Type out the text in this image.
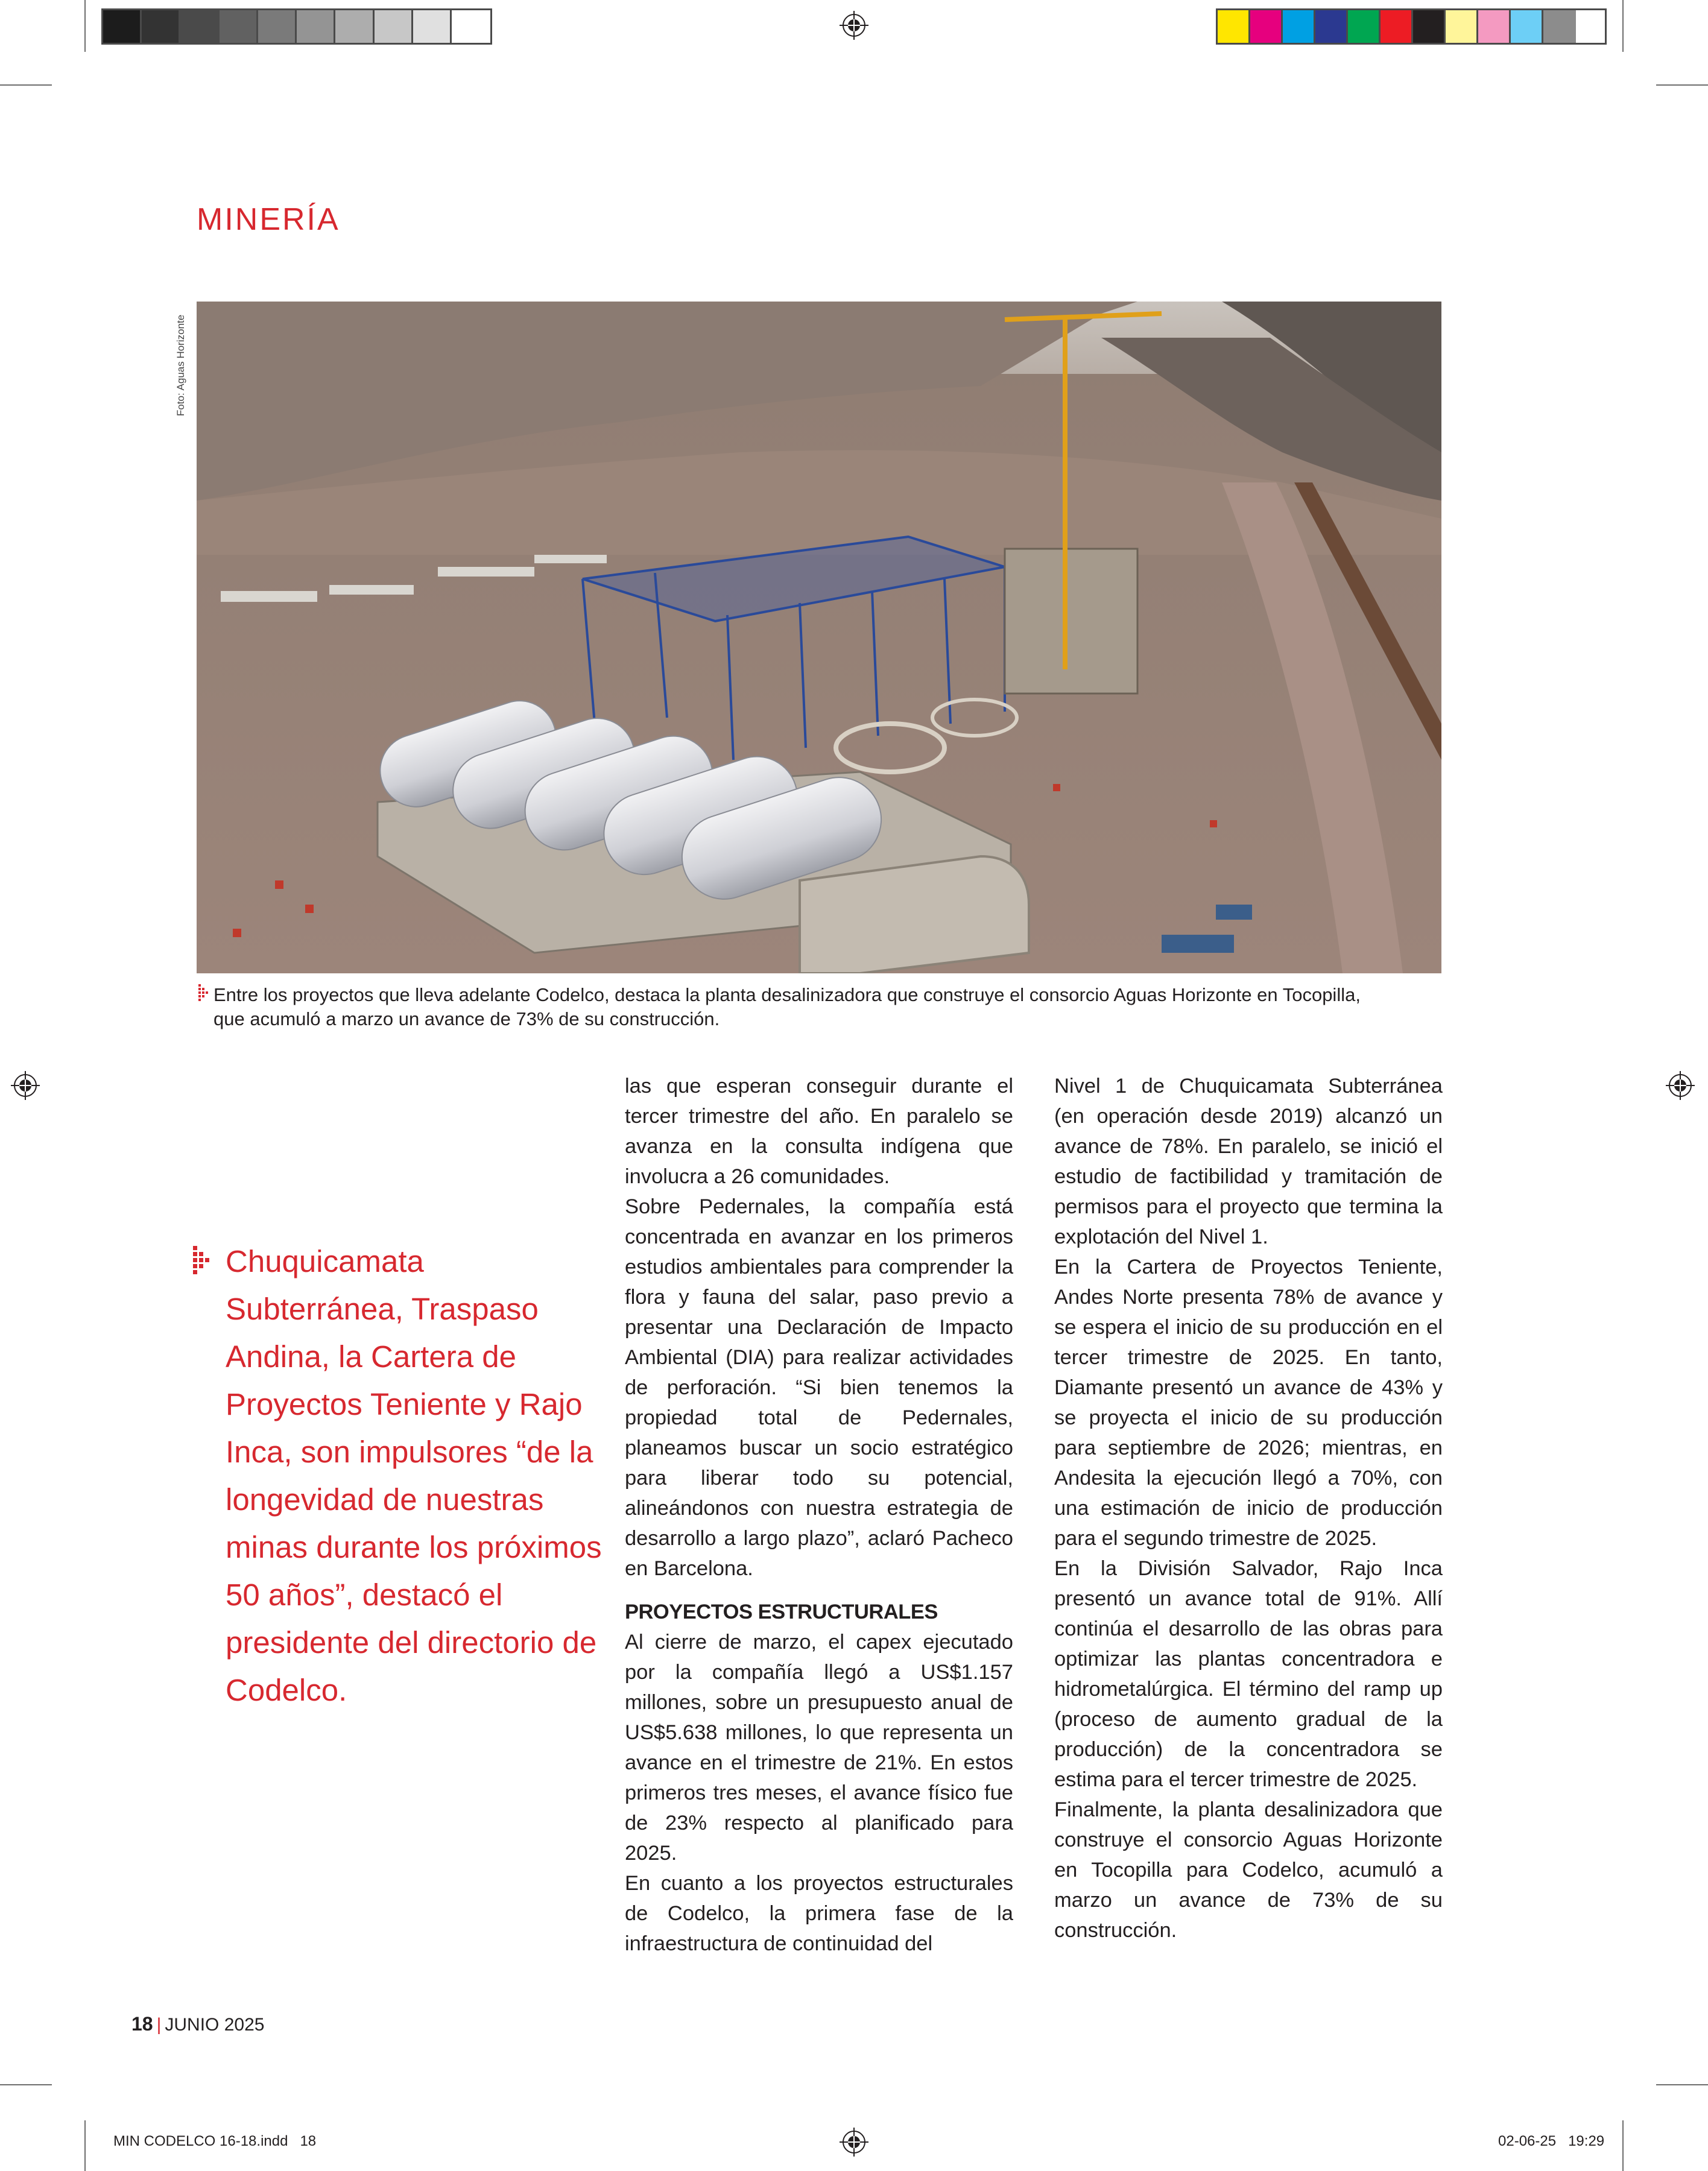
MINERÍA
Foto: Aguas Horizonte

Entre los proyectos que lleva adelante Codelco, destaca la planta desalinizadora que construye el consorcio Aguas Horizonte en Tocopilla,

que acumuló a marzo un avance de 73% de su construcción.

Chuquicamata Subterránea, Traspaso Andina, la Cartera de Proyectos Teniente y Rajo Inca, son impulsores “de la longevidad de nuestras minas durante los próximos 50 años”, destacó el presidente del directorio de Codelco.

las que esperan conseguir durante el tercer trimestre del año. En paralelo se avanza en la consulta indígena que involucra a 26 comunidades.

Sobre Pedernales, la compañía está concentrada en avanzar en los primeros estudios ambientales para comprender la flora y fauna del salar, paso previo a presentar una Declaración de Impacto Ambiental (DIA) para realizar actividades de perforación. “Si bien tenemos la propiedad total de Pedernales, planeamos buscar un socio estratégico para liberar todo su potencial, alineándonos con nuestra estrategia de desarrollo a largo plazo”, aclaró Pacheco en Barcelona.

PROYECTOS ESTRUCTURALES

Al cierre de marzo, el capex ejecutado por la compañía llegó a US$1.157 millones, sobre un presupuesto anual de US$5.638 millones, lo que representa un avance en el trimestre de 21%. En estos primeros tres meses, el avance físico fue de 23% respecto al planificado para 2025.

En cuanto a los proyectos estructurales de Codelco, la primera fase de la infraestructura de continuidad del

Nivel 1 de Chuquicamata Subterránea (en operación desde 2019) alcanzó un avance de 78%. En paralelo, se inició el estudio de factibilidad y tramitación de permisos para el proyecto que termina la explotación del Nivel 1.

En la Cartera de Proyectos Teniente, Andes Norte presenta 78% de avance y se espera el inicio de su producción en el tercer trimestre de 2025. En tanto, Diamante presentó un avance de 43% y se proyecta el inicio de su producción para septiembre de 2026; mientras, en Andesita la ejecución llegó a 70%, con una estimación de inicio de producción para el segundo trimestre de 2025.

En la División Salvador, Rajo Inca presentó un avance total de 91%. Allí continúa el desarrollo de las obras para optimizar las plantas concentradora e hidrometalúrgica. El término del ramp up (proceso de aumento gradual de la producción) de la concentradora se estima para el tercer trimestre de 2025.

Finalmente, la planta desalinizadora que construye el consorcio Aguas Horizonte en Tocopilla para Codelco, acumuló a marzo un avance de 73% de su construcción.

18 | JUNIO 2025
MIN CODELCO 16-18.indd   18	02-06-25   19:29
